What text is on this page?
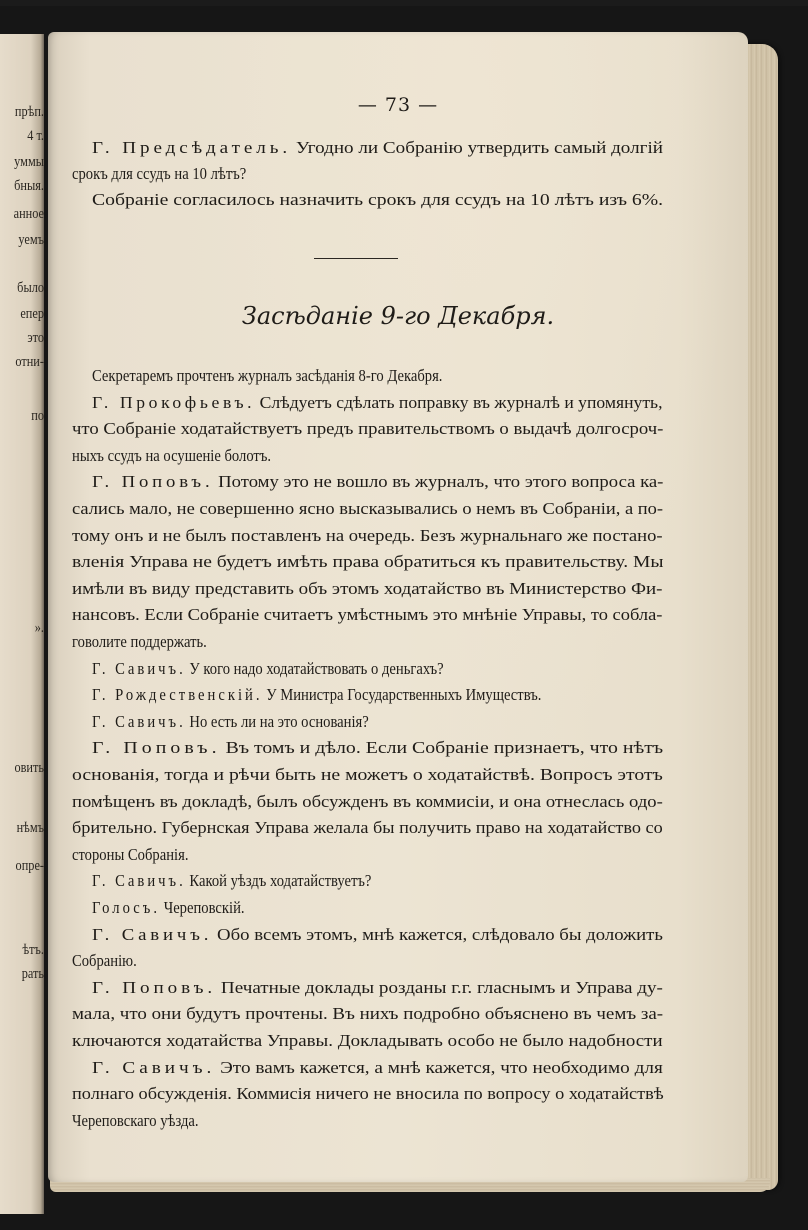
прѣп.
4 т.
уммы
бныя.
анное
уемъ
было
епер
это
отни-
по
».
овить
нѣмъ
опре-
ѣтъ.
рать
— 73 —
Г. Предсѣдатель. Угодно ли Собранію утвердить самый долгій
срокъ для ссудъ на 10 лѣтъ?
Собраніе согласилось назначить срокъ для ссудъ на 10 лѣтъ изъ 6%.
Засѣданіе 9-го Декабря.
Секретаремъ прочтенъ журналъ засѣданія 8-го Декабря.
Г. Прокофьевъ. Слѣдуетъ сдѣлать поправку въ журналѣ и упомянуть,
что Собраніе ходатайствуетъ предъ правительствомъ о выдачѣ долгосроч-
ныхъ ссудъ на осушеніе болотъ.
Г. Поповъ. Потому это не вошло въ журналъ, что этого вопроса ка-
сались мало, не совершенно ясно высказывались о немъ въ Собраніи, а по-
тому онъ и не былъ поставленъ на очередь. Безъ журнальнаго же постано-
вленія Управа не будетъ имѣть права обратиться къ правительству. Мы
имѣли въ виду представить объ этомъ ходатайство въ Министерство Фи-
нансовъ. Если Собраніе считаетъ умѣстнымъ это мнѣніе Управы, то собла-
говолите поддержать.
Г. Савичъ. У кого надо ходатайствовать о деньгахъ?
Г. Рождественскій. У Министра Государственныхъ Имуществъ.
Г. Савичъ. Но есть ли на это основанія?
Г. Поповъ. Въ томъ и дѣло. Если Собраніе признаетъ, что нѣтъ
основанія, тогда и рѣчи быть не можетъ о ходатайствѣ. Вопросъ этотъ
помѣщенъ въ докладѣ, былъ обсужденъ въ коммисіи, и она отнеслась одо-
брительно. Губернская Управа желала бы получить право на ходатайство со
стороны Собранія.
Г. Савичъ. Какой уѣздъ ходатайствуетъ?
Голосъ. Череповскій.
Г. Савичъ. Обо всемъ этомъ, мнѣ кажется, слѣдовало бы доложить
Собранію.
Г. Поповъ. Печатные доклады розданы г.г. гласнымъ и Управа ду-
мала, что они будутъ прочтены. Въ нихъ подробно объяснено въ чемъ за-
ключаются ходатайства Управы. Докладывать особо не было надобности
Г. Савичъ. Это вамъ кажется, а мнѣ кажется, что необходимо для
полнаго обсужденія. Коммисія ничего не вносила по вопросу о ходатайствѣ
Череповскаго уѣзда.
